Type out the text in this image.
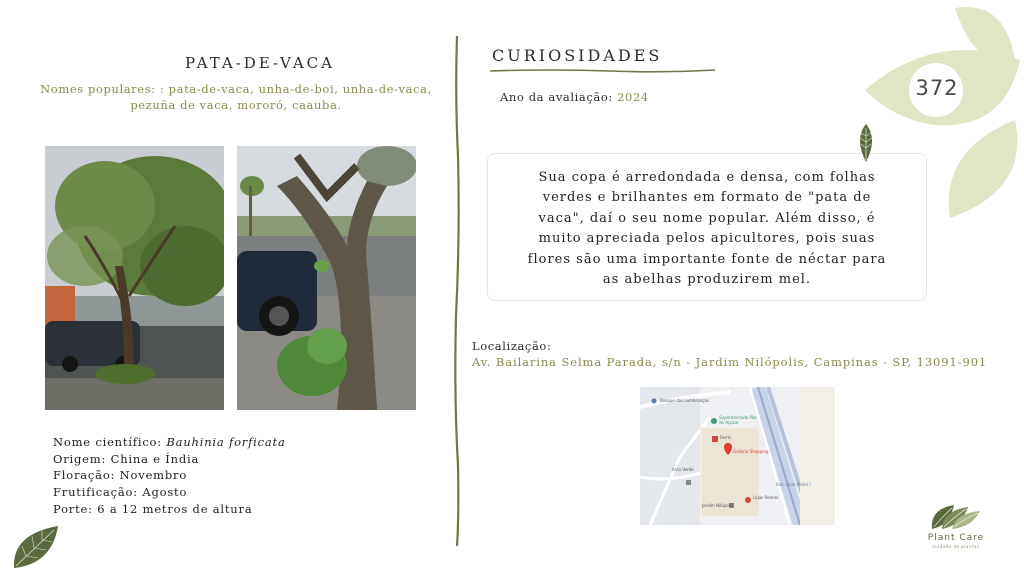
PATA-DE-VACA
Nomes populares: : pata-de-vaca, unha-de-boi, unha-de-vaca, pezuña de vaca, mororó, caauba.
Nome científico: Bauhinia forficata
Origem: China e Índia
Floração: Novembro
Frutificação: Agosto
Porte: 6 a 12 metros de altura
CURIOSIDADES
Ano da avaliação: 2024
Sua copa é arredondada e densa, com folhas verdes e brilhantes em formato de "pata de vaca", daí o seu nome popular. Além disso, é muito apreciada pelos apicultores, pois suas flores são uma importante fonte de néctar para as abelhas produzirem mel.
Localização:
Av. Bailarina Selma Parada, s/n - Jardim Nilópolis, Campinas - SP, 13091-901
Bosque das Lembranças
Supermercado Pão de Açúcar
Ferrin
Galleria Shopping
Lojas Renner
Arco Verde
Jardim Nilópolis
Rod. Dom Pedro I
372
Plant Care
cuidado de plantas
